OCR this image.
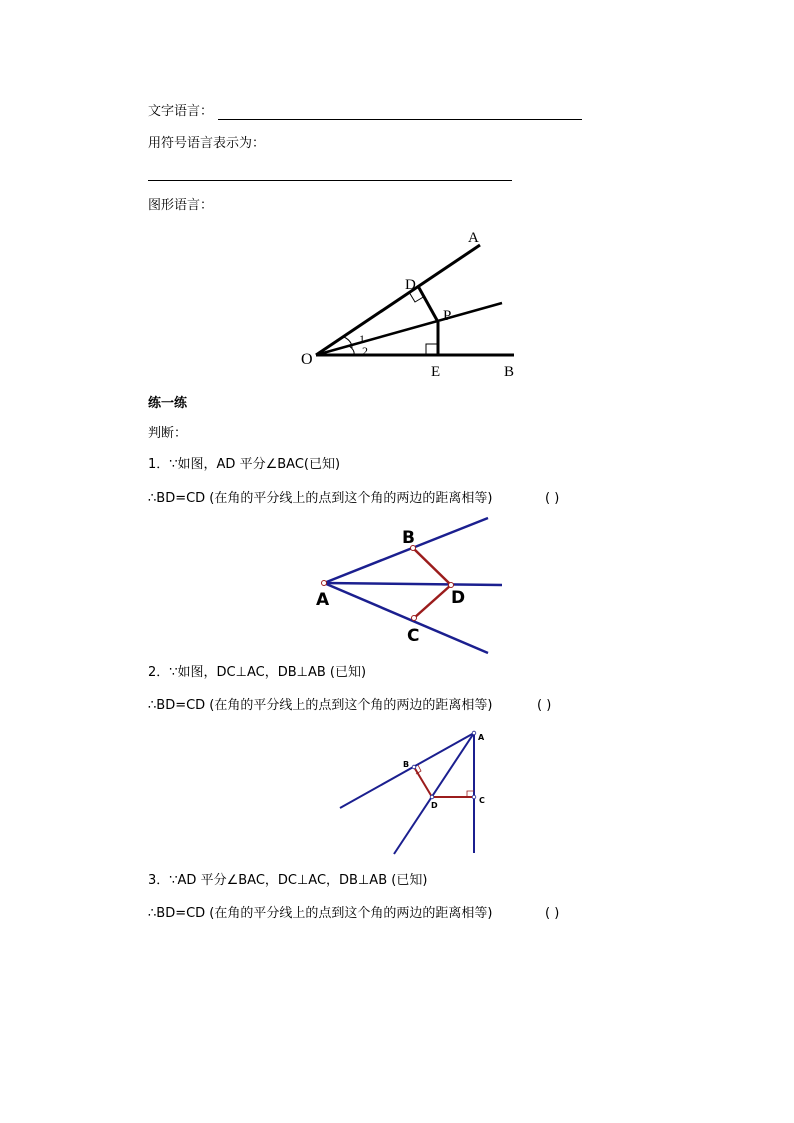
文字语言：
用符号语言表示为：
图形语言：
A
D
P
O
E	B
1
2
练一练
判断：
1．∵如图，AD 平分∠BAC(已知)
∴BD=CD (在角的平分线上的点到这个角的两边的距离相等)	( )
A
B
D
C
2．∵如图，DC⊥AC，DB⊥AB (已知)
∴BD=CD (在角的平分线上的点到这个角的两边的距离相等)	( )
A
B
D
C
3．∵AD 平分∠BAC，DC⊥AC，DB⊥AB (已知)
∴BD=CD (在角的平分线上的点到这个角的两边的距离相等)	( )
